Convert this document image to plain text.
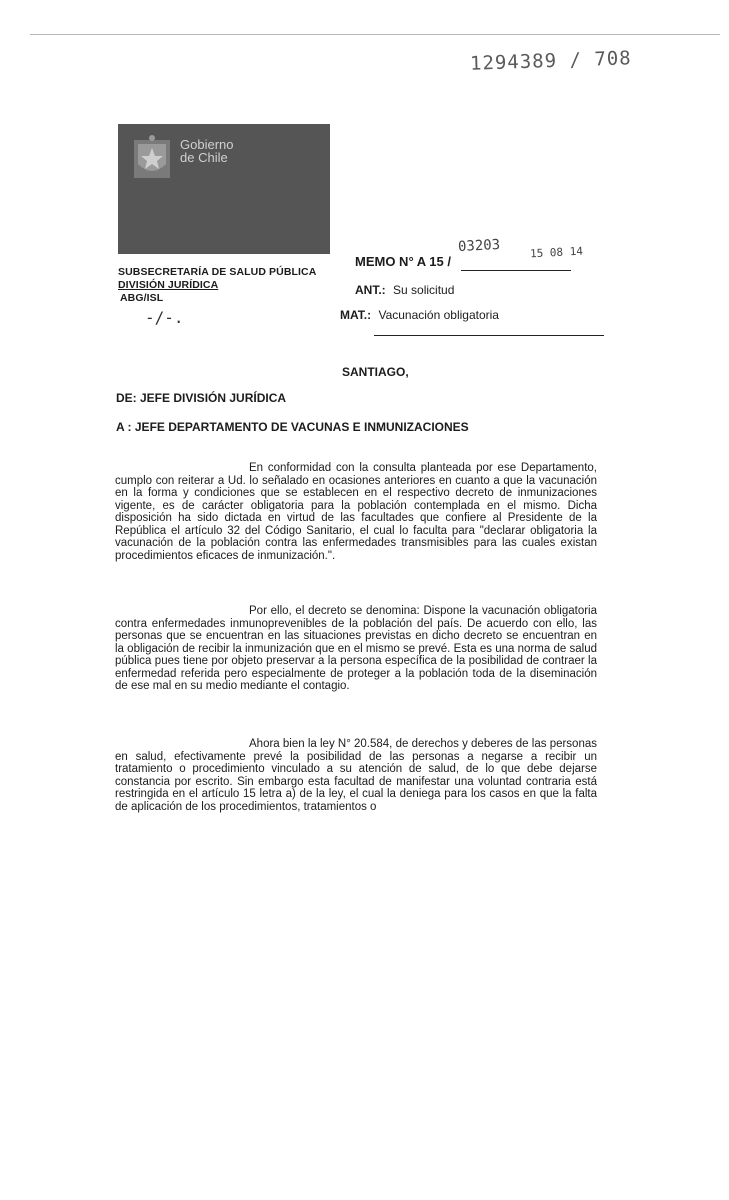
1294389 / 708
Gobierno
de Chile
SUBSECRETARÍA DE SALUD PÚBLICA
DIVISIÓN JURÍDICA
ABG/ISL
-/-.
03203	15 08 14
MEMO N° A 15 /
ANT.: Su solicitud
MAT.: Vacunación obligatoria
SANTIAGO,
DE: JEFE DIVISIÓN JURÍDICA
A : JEFE DEPARTAMENTO DE VACUNAS E INMUNIZACIONES
En conformidad con la consulta planteada por ese Departamento, cumplo con reiterar a Ud. lo señalado en ocasiones anteriores en cuanto a que la vacunación en la forma y condiciones que se establecen en el respectivo decreto de inmunizaciones vigente, es de carácter obligatoria para la población contemplada en el mismo. Dicha disposición ha sido dictada en virtud de las facultades que confiere al Presidente de la República el artículo 32 del Código Sanitario, el cual lo faculta para "declarar obligatoria la vacunación de la población contra las enfermedades transmisibles para las cuales existan procedimientos eficaces de inmunización.".
Por ello, el decreto se denomina: Dispone la vacunación obligatoria contra enfermedades inmunoprevenibles de la población del país. De acuerdo con ello, las personas que se encuentran en las situaciones previstas en dicho decreto se encuentran en la obligación de recibir la inmunización que en el mismo se prevé. Esta es una norma de salud pública pues tiene por objeto preservar a la persona específica de la posibilidad de contraer la enfermedad referida pero especialmente de proteger a la población toda de la diseminación de ese mal en su medio mediante el contagio.
Ahora bien la ley N° 20.584, de derechos y deberes de las personas en salud, efectivamente prevé la posibilidad de las personas a negarse a recibir un tratamiento o procedimiento vinculado a su atención de salud, de lo que debe dejarse constancia por escrito. Sin embargo esta facultad de manifestar una voluntad contraria está restringida en el artículo 15 letra a) de la ley, el cual la deniega para los casos en que la falta de aplicación de los procedimientos, tratamientos o
